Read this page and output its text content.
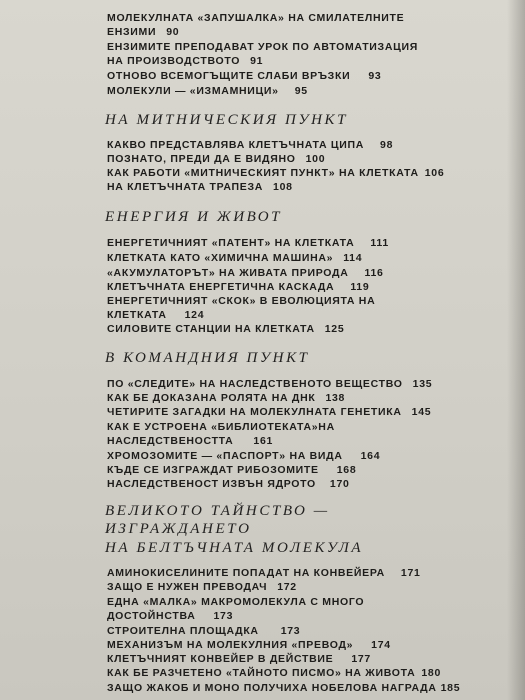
МОЛЕКУЛНАТА «ЗАПУШАЛКА» НА СМИЛАТЕЛНИТЕ
ЕНЗИМИ 90
ЕНЗИМИТЕ ПРЕПОДАВАТ УРОК ПО АВТОМАТИЗАЦИЯ
НА ПРОИЗВОДСТВОТО 91
ОТНОВО ВСЕМОГЪЩИТЕ СЛАБИ ВРЪЗКИ 93
МОЛЕКУЛИ — «ИЗМАМНИЦИ» 95
НА МИТНИЧЕСКИЯ ПУНКТ
КАКВО ПРЕДСТАВЛЯВА КЛЕТЪЧНАТА ЦИПА 98
ПОЗНАТО, ПРЕДИ ДА Е ВИДЯНО 100
КАК РАБОТИ «МИТНИЧЕСКИЯТ ПУНКТ» НА КЛЕТКАТА 106
НА КЛЕТЪЧНАТА ТРАПЕЗА 108
ЕНЕРГИЯ И ЖИВОТ
ЕНЕРГЕТИЧНИЯТ «ПАТЕНТ» НА КЛЕТКАТА 111
КЛЕТКАТА КАТО «ХИМИЧНА МАШИНА» 114
«АКУМУЛАТОРЪТ» НА ЖИВАТА ПРИРОДА 116
КЛЕТЪЧНАТА ЕНЕРГЕТИЧНА КАСКАДА 119
ЕНЕРГЕТИЧНИЯТ «СКОК» В ЕВОЛЮЦИЯТА НА
КЛЕТКАТА 124
СИЛОВИТЕ СТАНЦИИ НА КЛЕТКАТА 125
В КОМАНДНИЯ ПУНКТ
ПО «СЛЕДИТЕ» НА НАСЛЕДСТВЕНОТО ВЕЩЕСТВО 135
КАК БЕ ДОКАЗАНА РОЛЯТА НА ДНК 138
ЧЕТИРИТЕ ЗАГАДКИ НА МОЛЕКУЛНАТА ГЕНЕТИКА 145
КАК Е УСТРОЕНА «БИБЛИОТЕКАТА»НА
НАСЛЕДСТВЕНОСТТА 161
ХРОМОЗОМИТЕ — «ПАСПОРТ» НА ВИДА 164
КЪДЕ СЕ ИЗГРАЖДАТ РИБОЗОМИТЕ 168
НАСЛЕДСТВЕНОСТ ИЗВЪН ЯДРОТО 170
ВЕЛИКОТО ТАЙНСТВО —
ИЗГРАЖДАНЕТО
НА БЕЛТЪЧНАТА МОЛЕКУЛА
АМИНОКИСЕЛИНИТЕ ПОПАДАТ НА КОНВЕЙЕРА 171
ЗАЩО Е НУЖЕН ПРЕВОДАЧ 172
ЕДНА «МАЛКА» МАКРОМОЛЕКУЛА С МНОГО
ДОСТОЙНСТВА 173
СТРОИТЕЛНА ПЛОЩАДКА 173
МЕХАНИЗЪМ НА МОЛЕКУЛНИЯ «ПРЕВОД» 174
КЛЕТЪЧНИЯТ КОНВЕЙЕР В ДЕЙСТВИЕ 177
КАК БЕ РАЗЧЕТЕНО «ТАЙНОТО ПИСМО» НА ЖИВОТА 180
ЗАЩО ЖАКОБ И МОНО ПОЛУЧИХА НОБЕЛОВА НАГРАДА 185
